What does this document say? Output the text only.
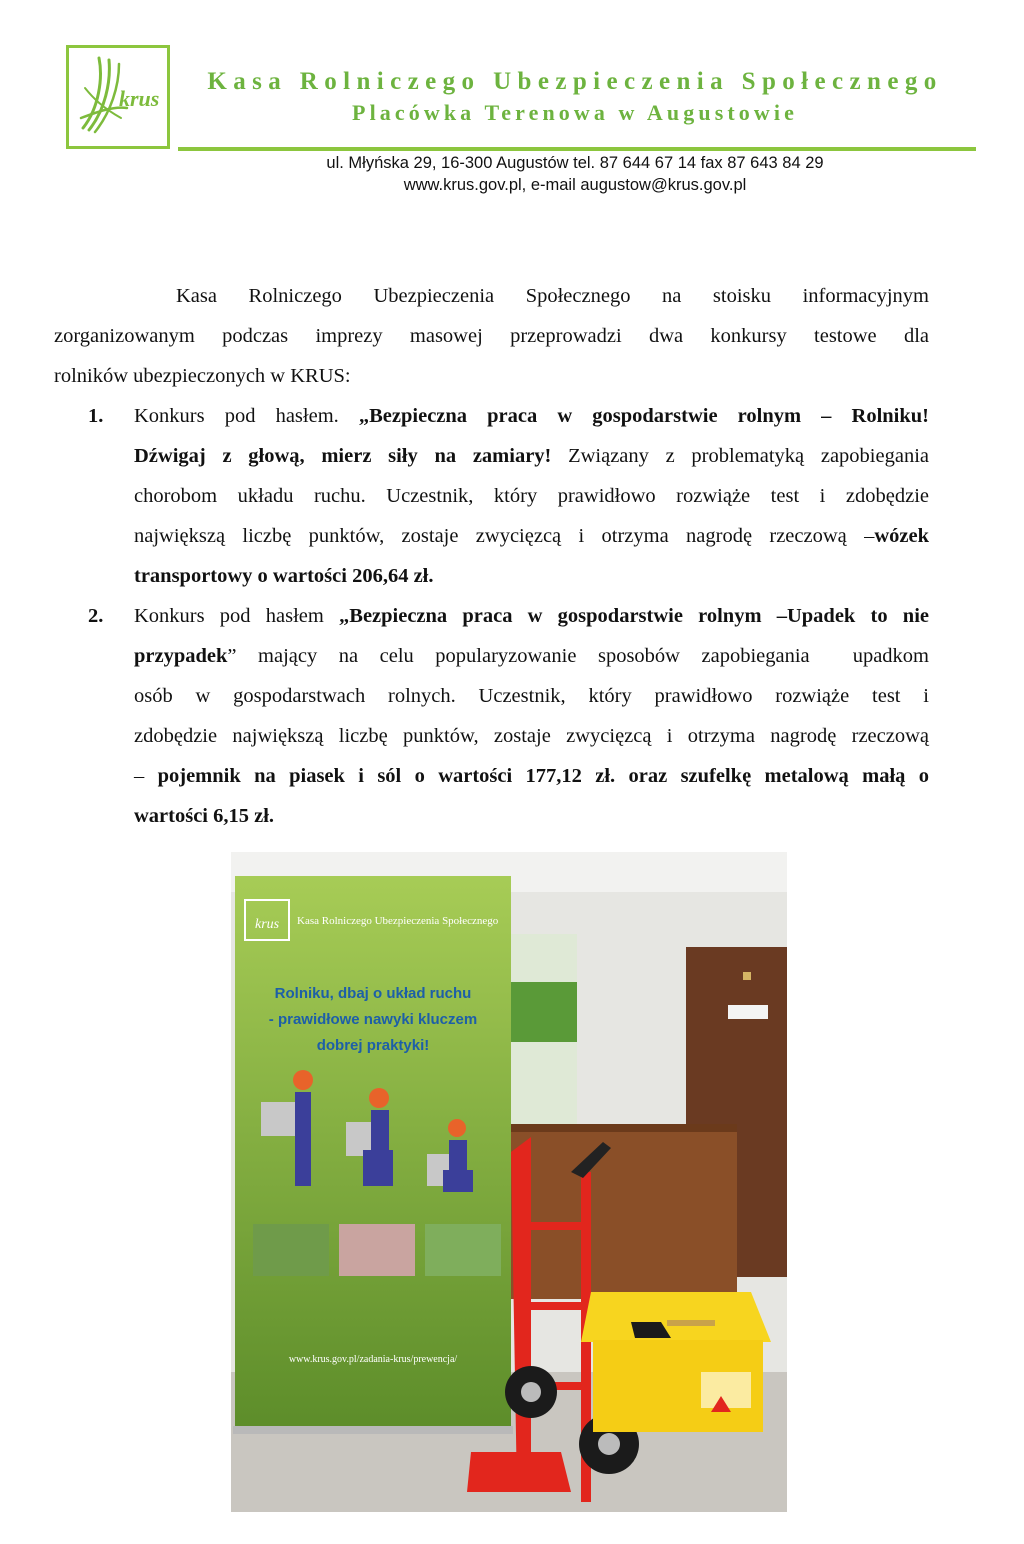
krus
Kasa Rolniczego Ubezpieczenia Społecznego
Placówka Terenowa w Augustowie
ul. Młyńska 29, 16-300 Augustów tel. 87 644 67 14 fax 87 643 84 29
www.krus.gov.pl, e-mail augustow@krus.gov.pl

Kasa Rolniczego Ubezpieczenia Społecznego na stoisku informacyjnym

zorganizowanym podczas imprezy masowej przeprowadzi dwa konkursy testowe dla

rolników ubezpieczonych w KRUS:

1. Konkurs pod hasłem. „Bezpieczna praca w gospodarstwie rolnym – Rolniku!

Dźwigaj z głową, mierz siły na zamiary! Związany z problematyką zapobiegania

chorobom układu ruchu. Uczestnik, który prawidłowo rozwiąże test i zdobędzie

największą liczbę punktów, zostaje zwycięzcą i otrzyma nagrodę rzeczową –wózek

transportowy o wartości 206,64 zł.

2. Konkurs pod hasłem „Bezpieczna praca w gospodarstwie rolnym –Upadek to nie

przypadek” mający na celu popularyzowanie sposobów zapobiegania  upadkom

osób w gospodarstwach rolnych. Uczestnik, który prawidłowo rozwiąże test i

zdobędzie największą liczbę punktów, zostaje zwycięzcą i otrzyma nagrodę rzeczową

– pojemnik na piasek i sól o wartości 177,12 zł. oraz szufelkę metalową małą o

wartości 6,15 zł.

krus Kasa Rolniczego Ubezpieczenia Społecznego
Rolniku, dbaj o układ ruchu
- prawidłowe nawyki kluczem
dobrej praktyki!
www.krus.gov.pl/zadania-krus/prewencja/
